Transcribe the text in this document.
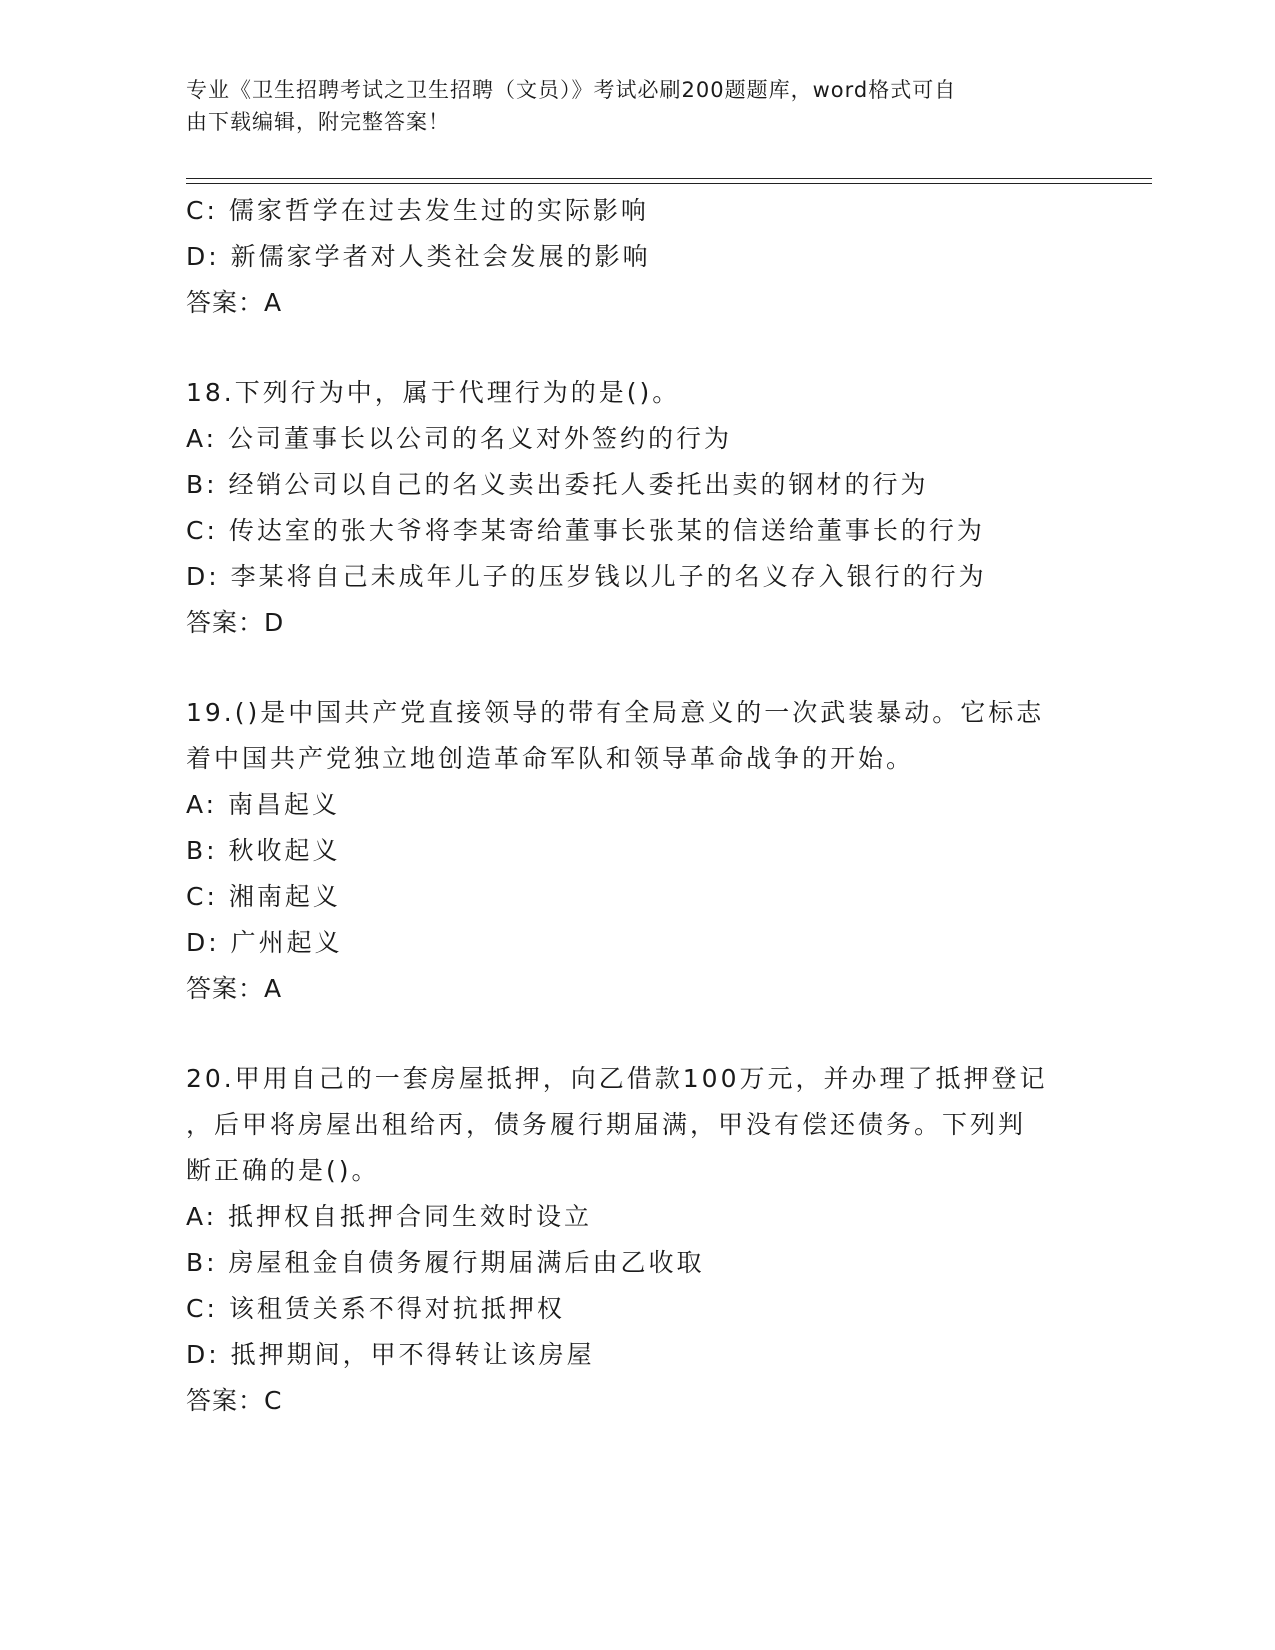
专业《卫生招聘考试之卫生招聘（文员）》考试必刷200题题库，word格式可自
由下载编辑，附完整答案！
C: 儒家哲学在过去发生过的实际影响
D: 新儒家学者对人类社会发展的影响
答案：A
18.下列行为中，属于代理行为的是()。
A: 公司董事长以公司的名义对外签约的行为
B: 经销公司以自己的名义卖出委托人委托出卖的钢材的行为
C: 传达室的张大爷将李某寄给董事长张某的信送给董事长的行为
D: 李某将自己未成年儿子的压岁钱以儿子的名义存入银行的行为
答案：D
19.()是中国共产党直接领导的带有全局意义的一次武装暴动。它标志
着中国共产党独立地创造革命军队和领导革命战争的开始。
A: 南昌起义
B: 秋收起义
C: 湘南起义
D: 广州起义
答案：A
20.甲用自己的一套房屋抵押，向乙借款100万元，并办理了抵押登记
，后甲将房屋出租给丙，债务履行期届满，甲没有偿还债务。下列判
断正确的是()。
A: 抵押权自抵押合同生效时设立
B: 房屋租金自债务履行期届满后由乙收取
C: 该租赁关系不得对抗抵押权
D: 抵押期间，甲不得转让该房屋
答案：C
